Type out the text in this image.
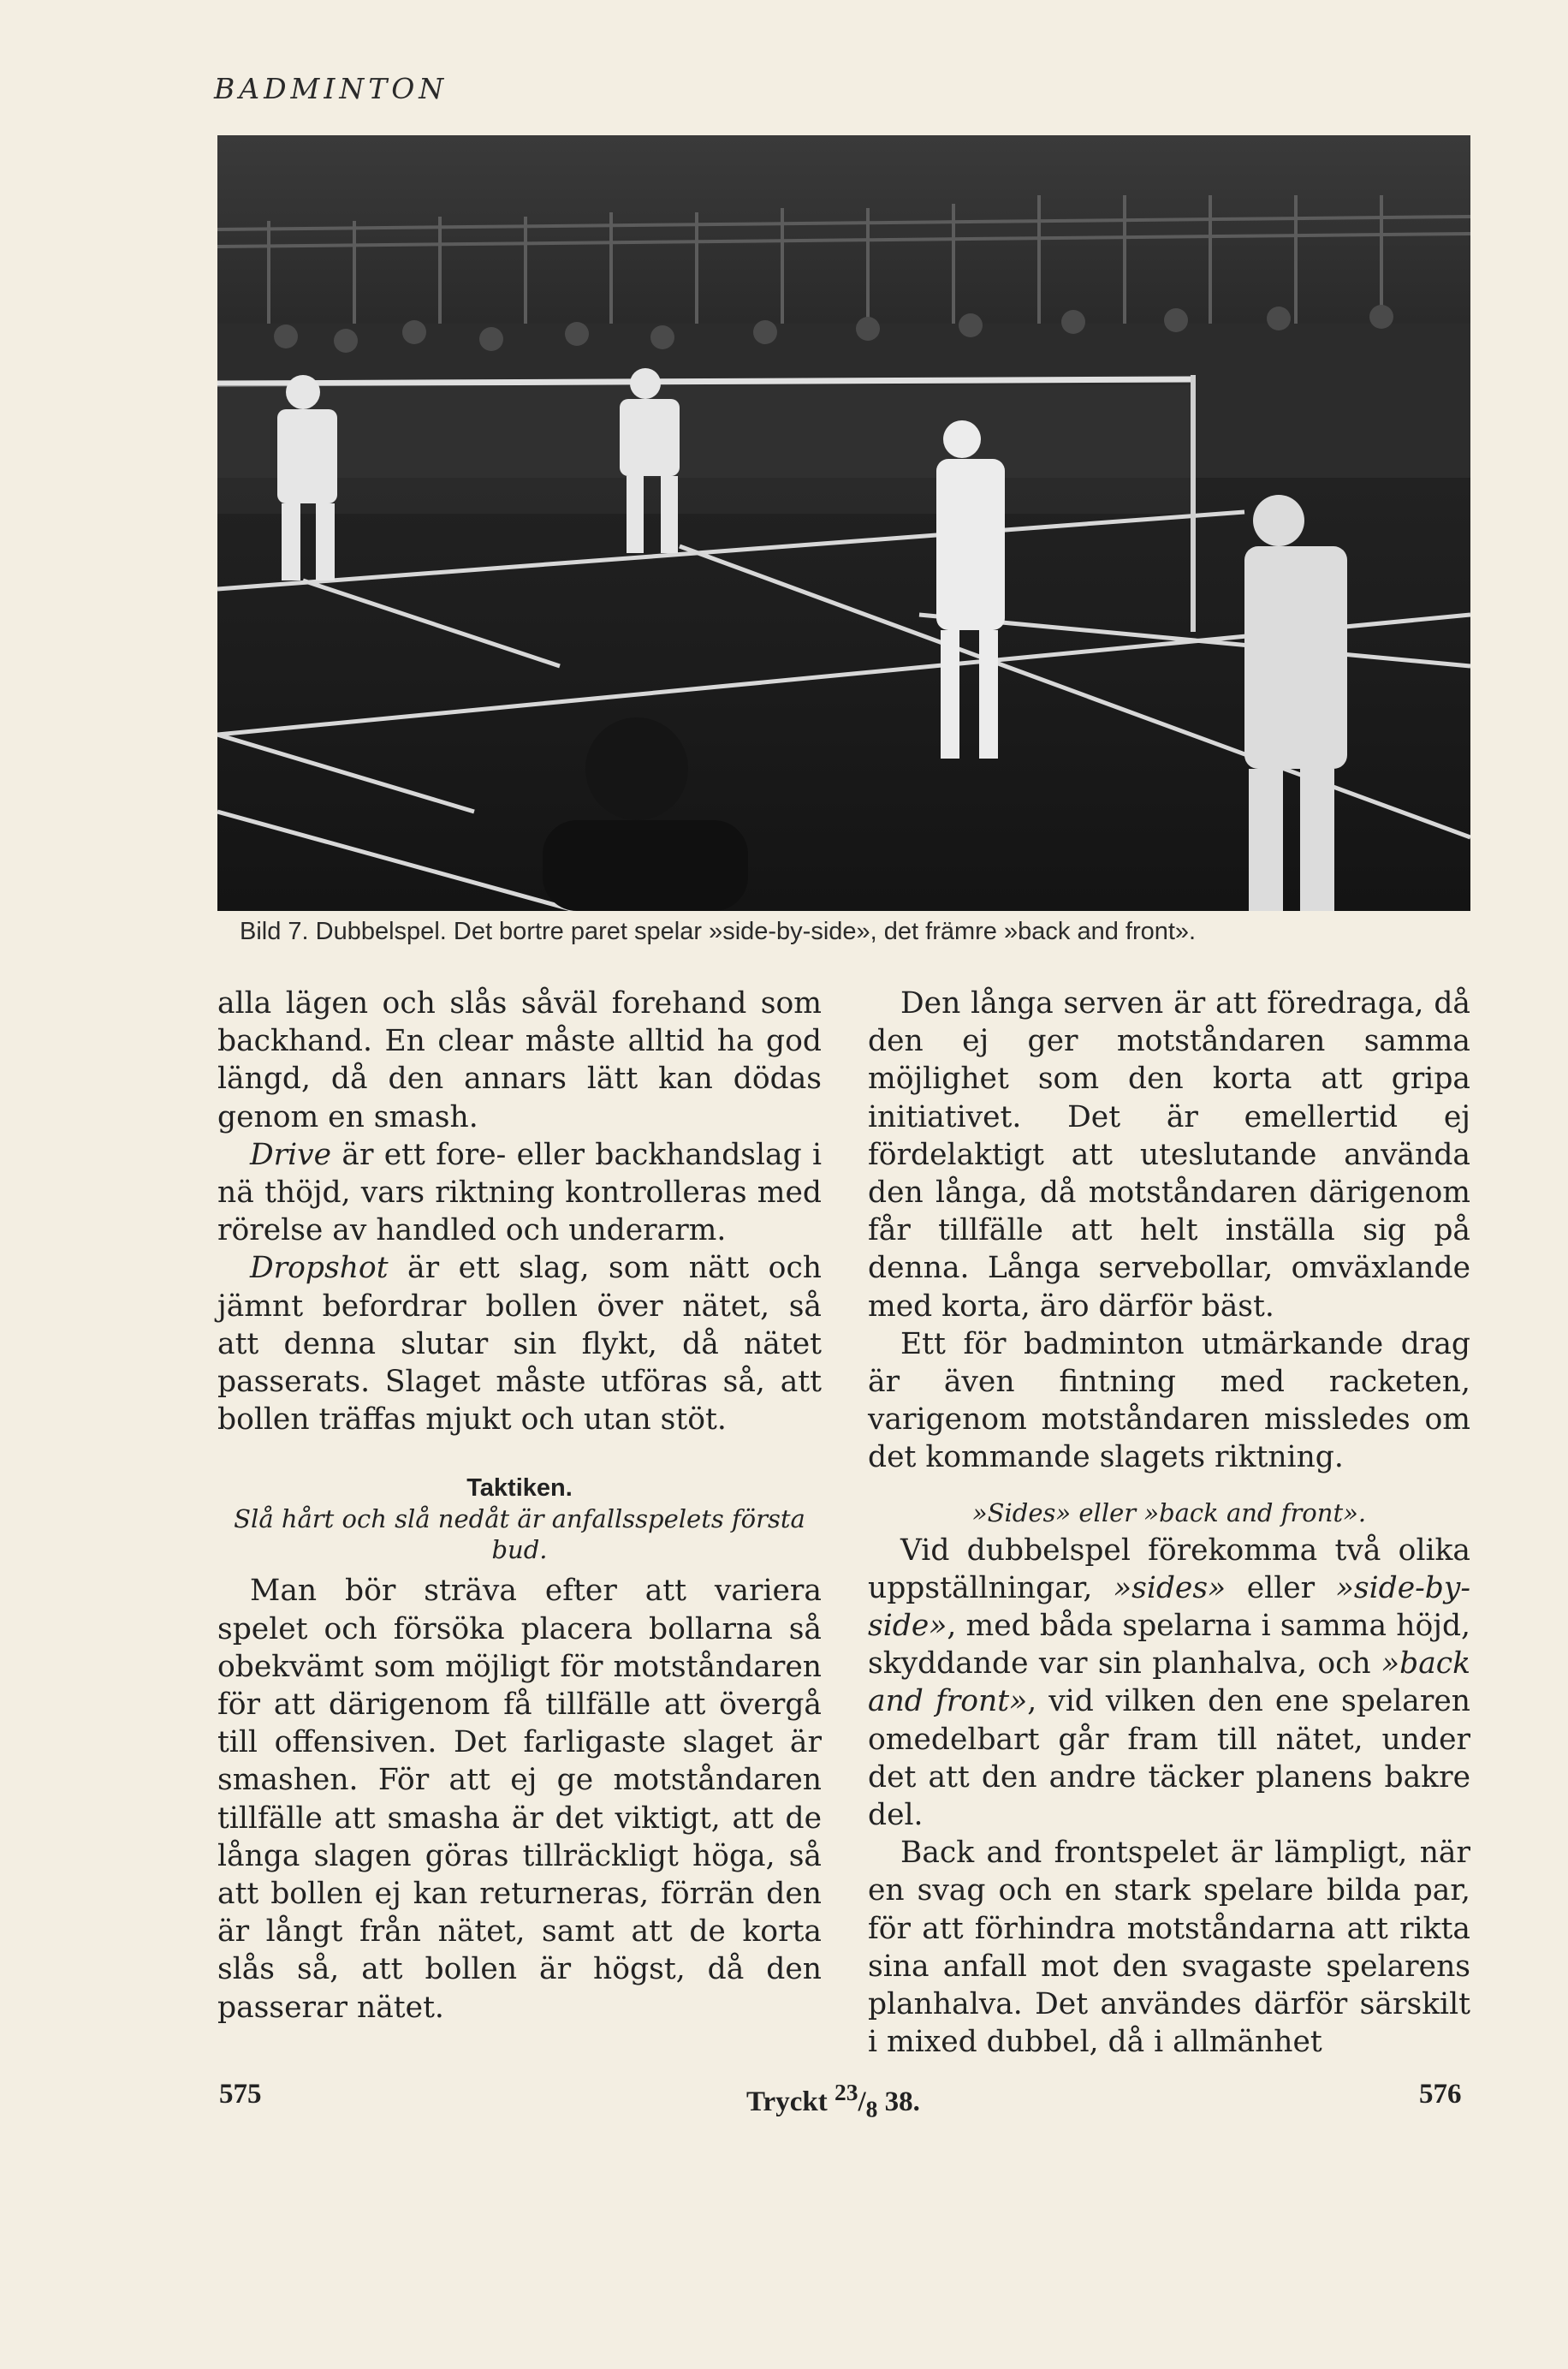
BADMINTON
Bild 7. Dubbelspel. Det bortre paret spelar »side-by-side», det främre »back and front».

alla lägen och slås såväl forehand som backhand. En clear måste alltid ha god längd, då den annars lätt kan dödas genom en smash.

Drive är ett fore- eller backhandslag i nä thöjd, vars riktning kontrolleras med rörelse av handled och underarm.

Dropshot är ett slag, som nätt och jämnt befordrar bollen över nätet, så att denna slutar sin flykt, då nätet passerats. Slaget måste utföras så, att bollen träffas mjukt och utan stöt.

Taktiken.

Slå hårt och slå nedåt är anfallsspelets första bud.

Man bör sträva efter att variera spelet och försöka placera bollarna så obekvämt som möjligt för motståndaren för att därigenom få tillfälle att övergå till offensiven. Det farligaste slaget är smashen. För att ej ge motståndaren tillfälle att smasha är det viktigt, att de långa slagen göras tillräckligt höga, så att bollen ej kan returneras, förrän den är långt från nätet, samt att de korta slås så, att bollen är högst, då den passerar nätet.

Den långa serven är att föredraga, då den ej ger motståndaren samma möjlighet som den korta att gripa initiativet. Det är emellertid ej fördelaktigt att uteslutande använda den långa, då motståndaren därigenom får tillfälle att helt inställa sig på denna. Långa servebollar, omväxlande med korta, äro därför bäst.

Ett för badminton utmärkande drag är även fintning med racketen, varigenom motståndaren missledes om det kommande slagets riktning.

»Sides» eller »back and front».

Vid dubbelspel förekomma två olika uppställningar, »sides» eller »side-by-side», med båda spelarna i samma höjd, skyddande var sin planhalva, och »back and front», vid vilken den ene spelaren omedelbart går fram till nätet, under det att den andre täcker planens bakre del.

Back and frontspelet är lämpligt, när en svag och en stark spelare bilda par, för att förhindra motståndarna att rikta sina anfall mot den svagaste spelarens planhalva. Det användes därför särskilt i mixed dubbel, då i allmänhet

575	Tryckt $^{23}/_8$ 38.	576
